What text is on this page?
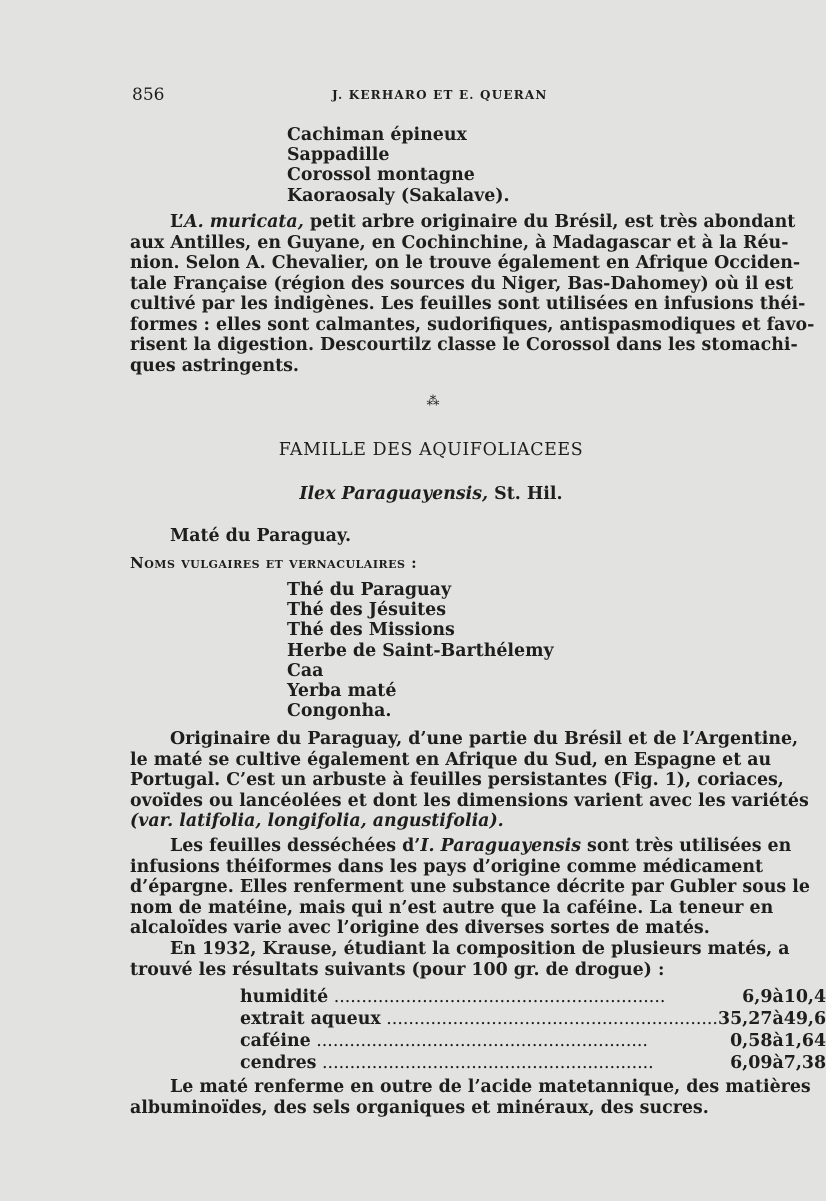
856	J. KERHARO ET E. QUERAN
Cachiman épineux
Sappadille
Corossol montagne
Kaoraosaly (Sakalave).
L’A. muricata, petit arbre originaire du Brésil, est très abondant
aux Antilles, en Guyane, en Cochinchine, à Madagascar et à la Réu-
nion. Selon A. Chevalier, on le trouve également en Afrique Occiden-
tale Française (région des sources du Niger, Bas-Dahomey) où il est
cultivé par les indigènes. Les feuilles sont utilisées en infusions théi-
formes : elles sont calmantes, sudorifiques, antispasmodiques et favo-
risent la digestion. Descourtilz classe le Corossol dans les stomachi-
ques astringents.
⁂
FAMILLE DES AQUIFOLIACEES
Ilex Paraguayensis, St. Hil.
Maté du Paraguay.
Noms vulgaires et vernaculaires :
Thé du Paraguay
Thé des Jésuites
Thé des Missions
Herbe de Saint-Barthélemy
Caa
Yerba maté
Congonha.
Originaire du Paraguay, d’une partie du Brésil et de l’Argentine,
le maté se cultive également en Afrique du Sud, en Espagne et au
Portugal. C’est un arbuste à feuilles persistantes (Fig. 1), coriaces,
ovoïdes ou lancéolées et dont les dimensions varient avec les variétés
(var. latifolia, longifolia, angustifolia).
Les feuilles desséchées d’I. Paraguayensis sont très utilisées en
infusions théiformes dans les pays d’origine comme médicament
d’épargne. Elles renferment une substance décrite par Gubler sous le
nom de matéine, mais qui n’est autre que la caféine. La teneur en
alcaloïdes varie avec l’origine des diverses sortes de matés.
En 1932, Krause, étudiant la composition de plusieurs matés, a
trouvé les résultats suivants (pour 100 gr. de drogue) :
humidité ............................................................	6,9	à	10,4
extrait aqueux ............................................................	35,27	à	49,6
caféine ............................................................	0,58	à	1,64
cendres ............................................................	6,09	à	7,38
Le maté renferme en outre de l’acide matetannique, des matières
albuminoïdes, des sels organiques et minéraux, des sucres.
